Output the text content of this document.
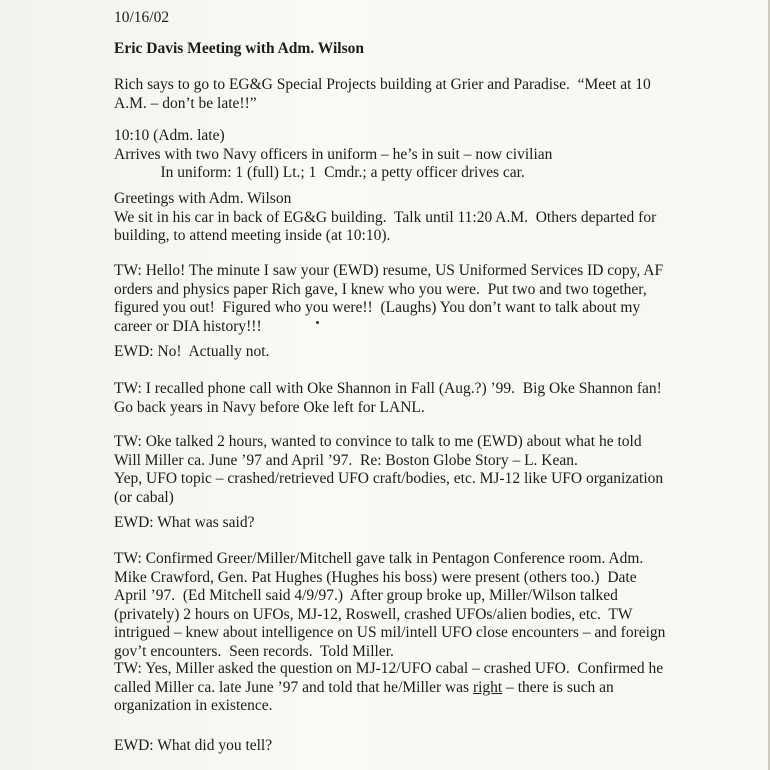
10/16/02

Eric Davis Meeting with Adm. Wilson

Rich says to go to EG&G Special Projects building at Grier and Paradise.  “Meet at 10
A.M. – don’t be late!!”

10:10 (Adm. late)
Arrives with two Navy officers in uniform – he’s in suit – now civilian
In uniform: 1 (full) Lt.; 1  Cmdr.; a petty officer drives car.

Greetings with Adm. Wilson
We sit in his car in back of EG&G building.  Talk until 11:20 A.M.  Others departed for
building, to attend meeting inside (at 10:10).

TW: Hello! The minute I saw your (EWD) resume, US Uniformed Services ID copy, AF
orders and physics paper Rich gave, I knew who you were.  Put two and two together,
figured you out!  Figured who you were!!  (Laughs) You don’t want to talk about my
career or DIA history!!!

EWD: No!  Actually not.

TW: I recalled phone call with Oke Shannon in Fall (Aug.?) ’99.  Big Oke Shannon fan!
Go back years in Navy before Oke left for LANL.

TW: Oke talked 2 hours, wanted to convince to talk to me (EWD) about what he told
Will Miller ca. June ’97 and April ’97.  Re: Boston Globe Story – L. Kean.
Yep, UFO topic – crashed/retrieved UFO craft/bodies, etc. MJ-12 like UFO organization
(or cabal)

EWD: What was said?

TW: Confirmed Greer/Miller/Mitchell gave talk in Pentagon Conference room. Adm.
Mike Crawford, Gen. Pat Hughes (Hughes his boss) were present (others too.)  Date
April ’97.  (Ed Mitchell said 4/9/97.)  After group broke up, Miller/Wilson talked
(privately) 2 hours on UFOs, MJ-12, Roswell, crashed UFOs/alien bodies, etc.  TW
intrigued – knew about intelligence on US mil/intell UFO close encounters – and foreign
gov’t encounters.  Seen records.  Told Miller.

TW: Yes, Miller asked the question on MJ-12/UFO cabal – crashed UFO.  Confirmed he
called Miller ca. late June ’97 and told that he/Miller was right – there is such an
organization in existence.

EWD: What did you tell?
